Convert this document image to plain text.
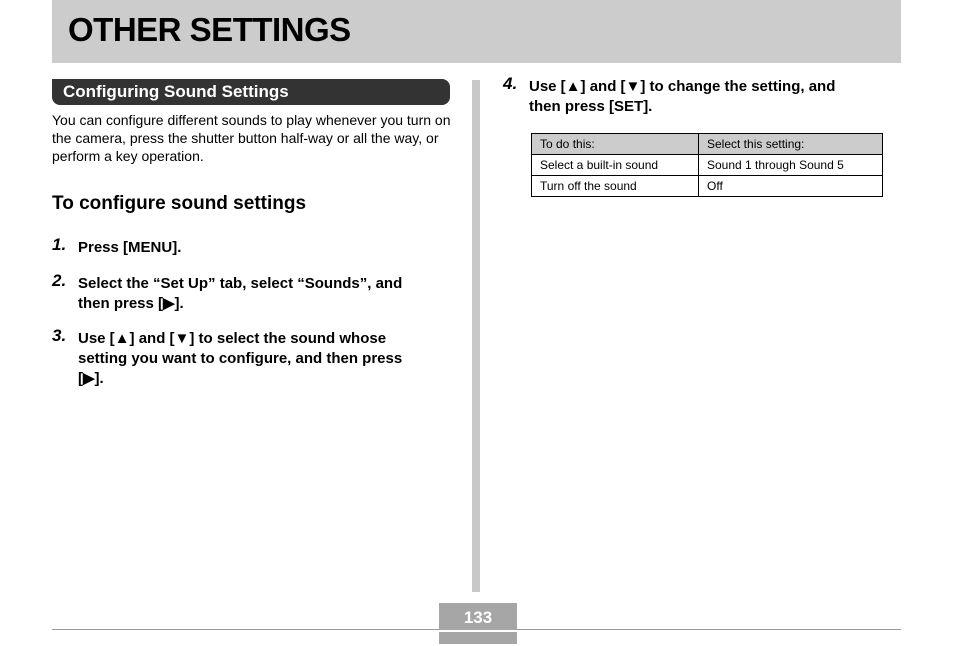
OTHER SETTINGS
Configuring Sound Settings

You can configure different sounds to play whenever you turn on the camera, press the shutter button half-way or all the way, or perform a key operation.

To configure sound settings
1. Press [MENU].
2. Select the “Set Up” tab, select “Sounds”, and
then press [▶].
3. Use [▲] and [▼] to select the sound whose
setting you want to configure, and then press
[▶].
4. Use [▲] and [▼] to change the setting, and
then press [SET].
To do this:	Select this setting:
Select a built-in sound	Sound 1 through Sound 5
Turn off the sound	Off
133
